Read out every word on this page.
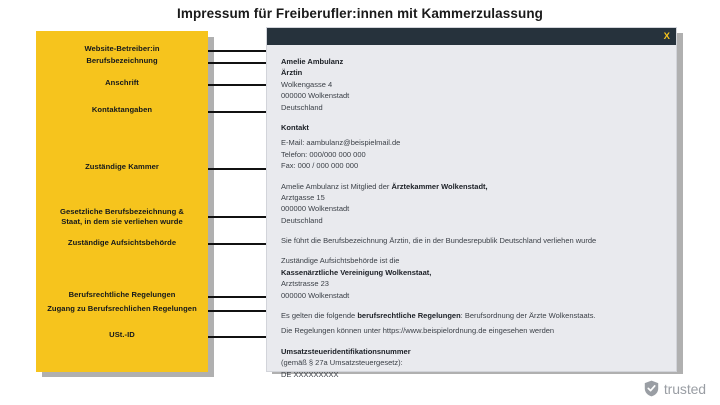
Impressum für Freiberufler:innen mit Kammerzulassung
Website-Betreiber:in
Berufsbezeichnung
Anschrift
Kontaktangaben
Zuständige Kammer
Gesetzliche Berufsbezeichnung &
Staat, in dem sie verliehen wurde
Zuständige Aufsichtsbehörde
Berufsrechtliche Regelungen
Zugang zu Berufsrechlichen Regelungen
USt.-ID
X
Amelie Ambulanz
Ärztin
Wolkengasse 4
000000 Wolkenstadt
Deutschland
Kontakt
E-Mail: aambulanz@beispielmail.de
Telefon: 000/000 000 000
Fax: 000 / 000 000 000
Amelie Ambulanz ist Mitglied der Ärztekammer Wolkenstadt,
Arztgasse 15
000000 Wolkenstadt
Deutschland
Sie führt die Berufsbezeichnung Ärztin, die in der Bundesrepublik Deutschland verliehen wurde
Zuständige Aufsichtsbehörde ist die
Kassenärztliche Vereinigung Wolkenstaat,
Arztstrasse 23
000000 Wolkenstadt
Es gelten die folgende berufsrechtliche Regelungen: Berufsordnung der Ärzte Wolkenstaats.
Die Regelungen können unter https://www.beispielordnung.de eingesehen werden
Umsatzsteueridentifikationsnummer
(gemäß § 27a Umsatzsteuergesetz):
DE XXXXXXXXX
trusted
